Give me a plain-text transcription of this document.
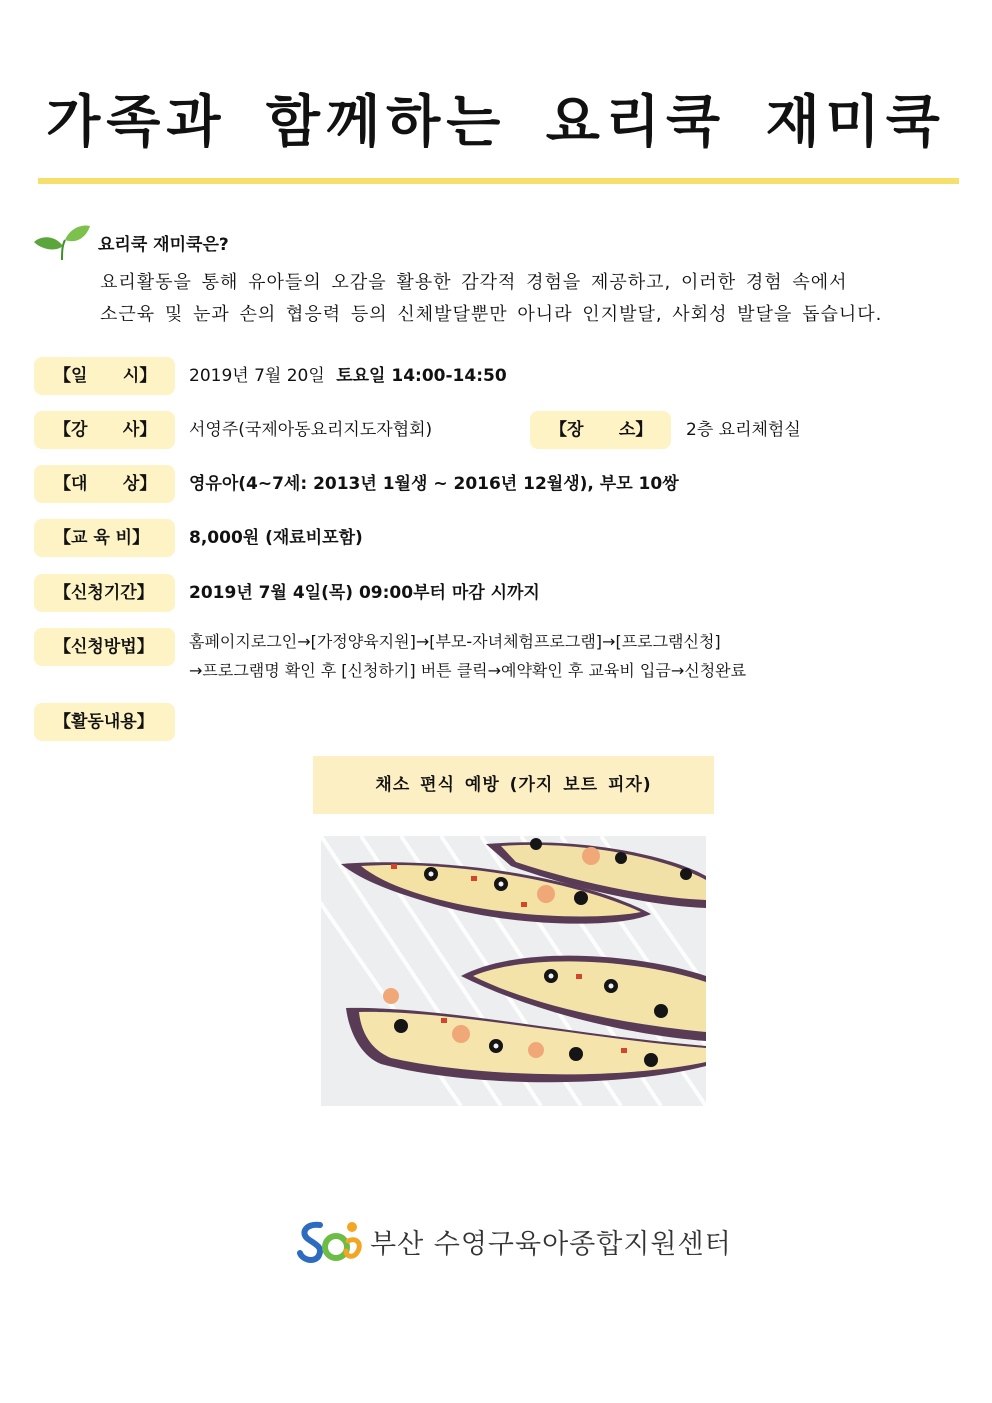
가족과 함께하는 요리쿡 재미쿡
요리쿡 재미쿡은?
요리활동을 통해 유아들의 오감을 활용한 감각적 경험을 제공하고, 이러한 경험 속에서
소근육 및 눈과 손의 협응력 등의 신체발달뿐만 아니라 인지발달, 사회성 발달을 돕습니다.
【일      시】	2019년 7월 20일 토요일 14:00-14:50
【강      사】	서영주(국제아동요리지도자협회)	【장      소】	2층 요리체험실
【대      상】	영유아(4~7세: 2013년 1월생 ~ 2016년 12월생), 부모 10쌍
【교 육 비】	8,000원 (재료비포함)
【신청기간】	2019년 7월 4일(목) 09:00부터 마감 시까지
【신청방법】	홈페이지로그인→[가정양육지원]→[부모-자녀체험프로그램]→[프로그램신청]
→프로그램명 확인 후 [신청하기] 버튼 클릭→예약확인 후 교육비 입금→신청완료
【활동내용】
채소 편식 예방 (가지 보트 피자)
부산 수영구육아종합지원센터
